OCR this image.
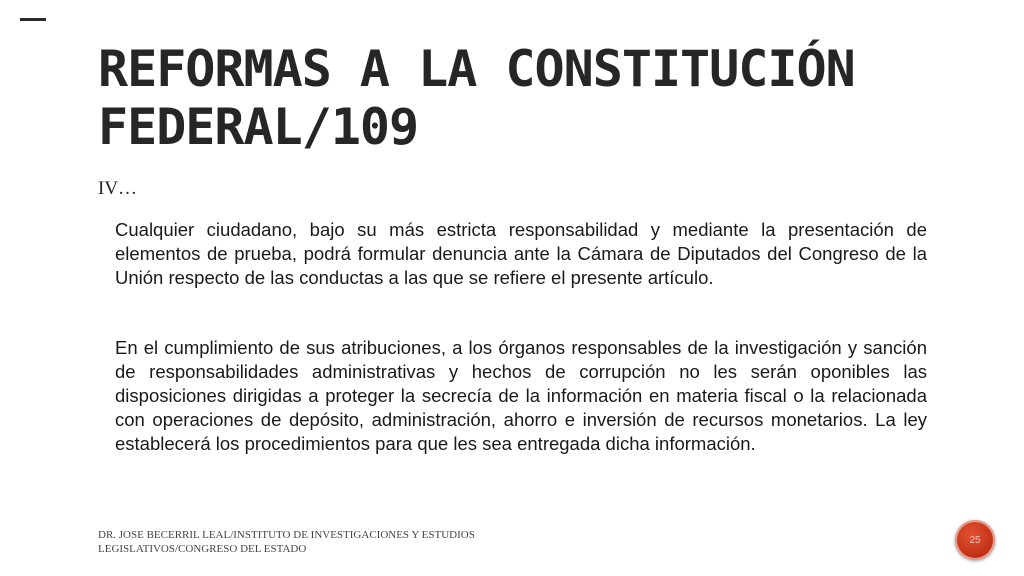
REFORMAS A LA CONSTITUCIÓN
FEDERAL/109
IV…

Cualquier ciudadano, bajo su más estricta responsabilidad y mediante la presentación de elementos de prueba, podrá formular denuncia ante la Cámara de Diputados del Congreso de la Unión respecto de las conductas a las que se refiere el presente artículo.

En el cumplimiento de sus atribuciones, a los órganos responsables de la investigación y sanción de responsabilidades administrativas y hechos de corrupción no les serán oponibles las disposiciones dirigidas a proteger la secrecía de la información en materia fiscal o la relacionada con operaciones de depósito, administración, ahorro e inversión de recursos monetarios. La ley establecerá los procedimientos para que les sea entregada dicha información.

DR. JOSE BECERRIL LEAL/INSTITUTO DE INVESTIGACIONES Y ESTUDIOS LEGISLATIVOS/CONGRESO DEL ESTADO
25
